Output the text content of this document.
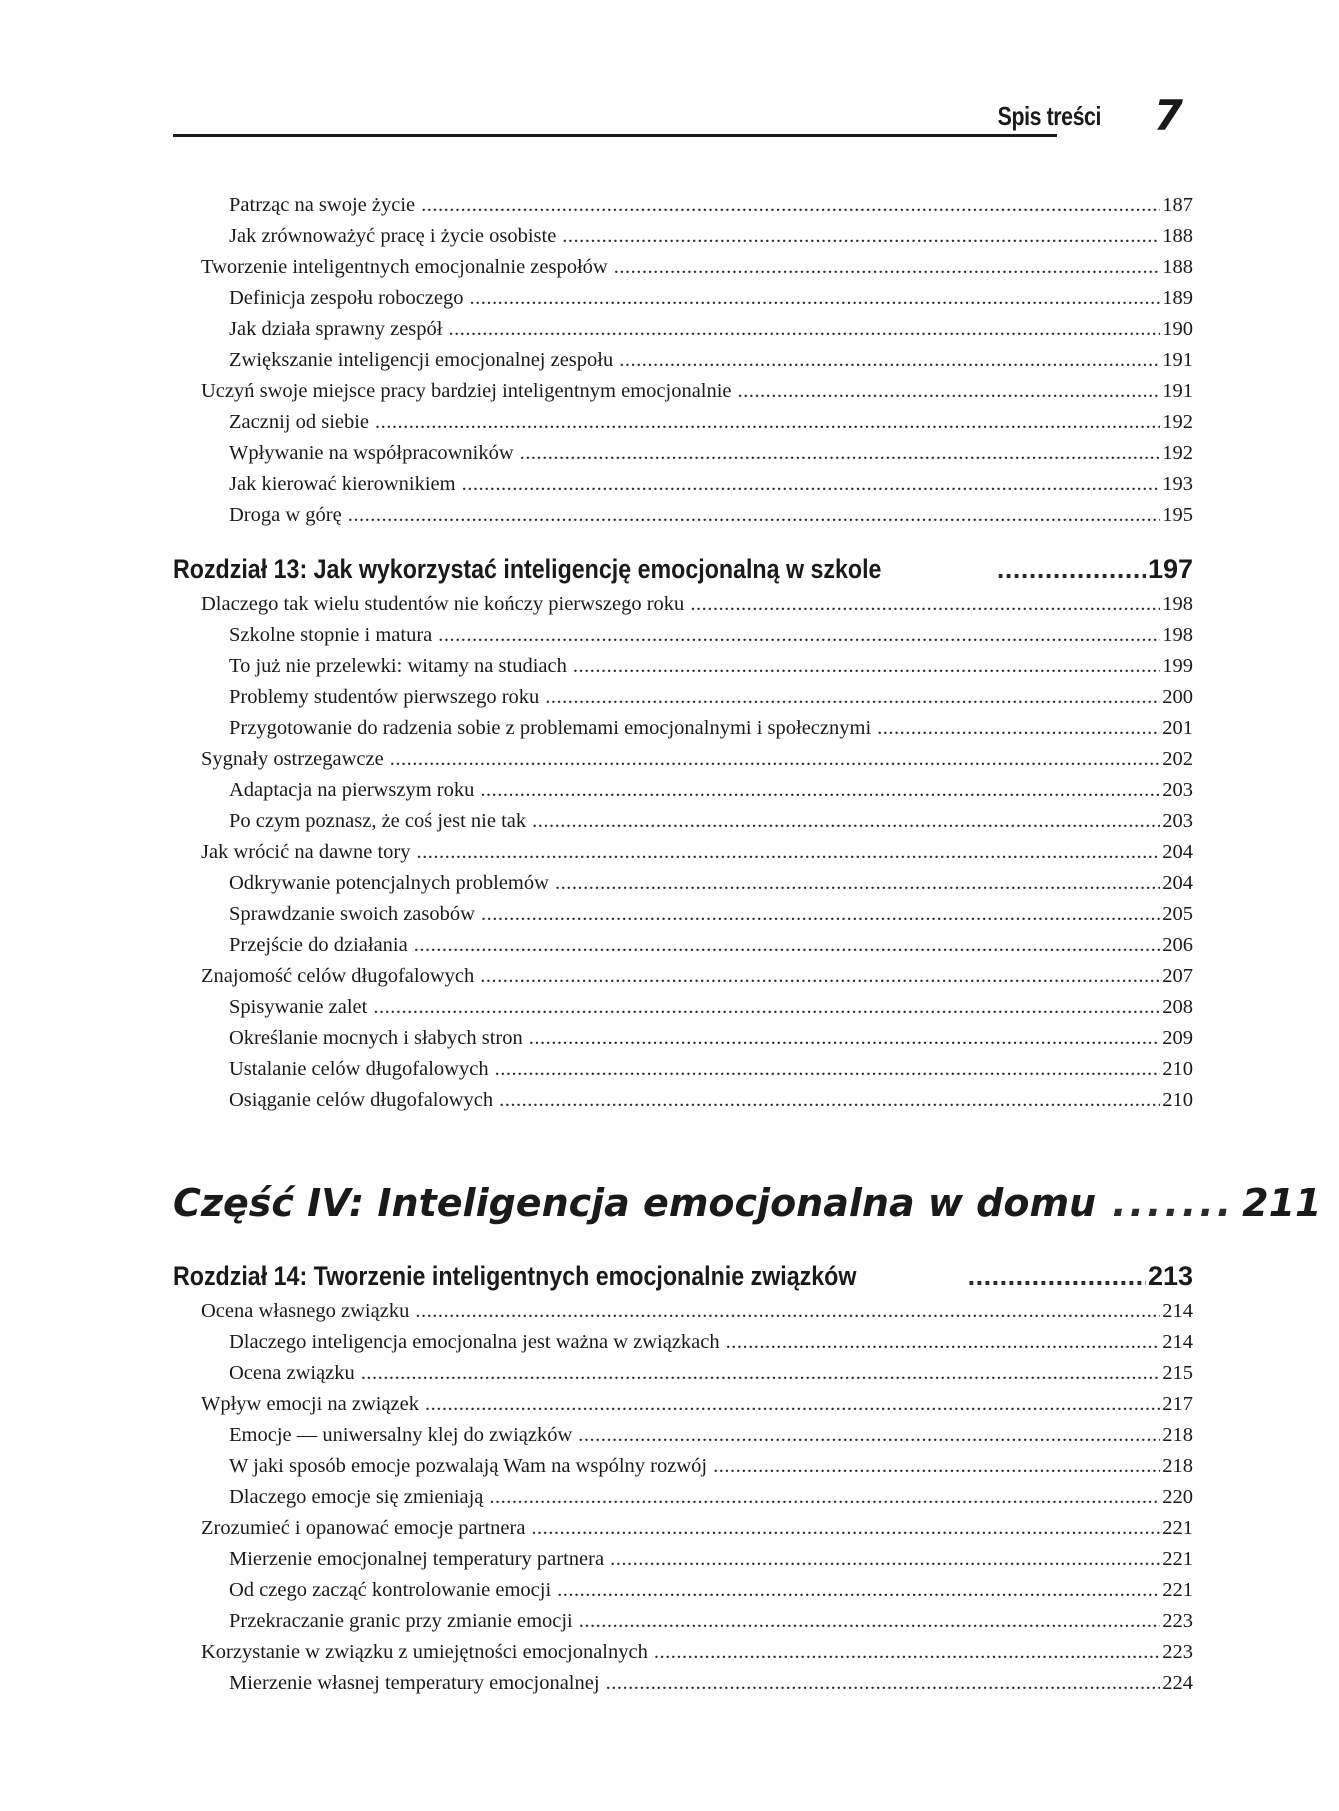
Spis treści 7
Patrząc na swoje życie .....	187
Jak zrównoważyć pracę i życie osobiste .....	188
Tworzenie inteligentnych emocjonalnie zespołów .....	188
Definicja zespołu roboczego .....	189
Jak działa sprawny zespół .....	190
Zwiększanie inteligencji emocjonalnej zespołu .....	191
Uczyń swoje miejsce pracy bardziej inteligentnym emocjonalnie .....	191
Zacznij od siebie .....	192
Wpływanie na współpracowników .....	192
Jak kierować kierownikiem .....	193
Droga w górę .....	195
Rozdział 13: Jak wykorzystać inteligencję emocjonalną w szkole .....	197
Dlaczego tak wielu studentów nie kończy pierwszego roku .....	198
Szkolne stopnie i matura .....	198
To już nie przelewki: witamy na studiach .....	199
Problemy studentów pierwszego roku .....	200
Przygotowanie do radzenia sobie z problemami emocjonalnymi i społecznymi .....	201
Sygnały ostrzegawcze .....	202
Adaptacja na pierwszym roku .....	203
Po czym poznasz, że coś jest nie tak .....	203
Jak wrócić na dawne tory .....	204
Odkrywanie potencjalnych problemów .....	204
Sprawdzanie swoich zasobów .....	205
Przejście do działania .....	206
Znajomość celów długofalowych .....	207
Spisywanie zalet .....	208
Określanie mocnych i słabych stron .....	209
Ustalanie celów długofalowych .....	210
Osiąganie celów długofalowych .....	210
Część IV: Inteligencja emocjonalna w domu .....	211
Rozdział 14: Tworzenie inteligentnych emocjonalnie związków .....	213
Ocena własnego związku .....	214
Dlaczego inteligencja emocjonalna jest ważna w związkach .....	214
Ocena związku .....	215
Wpływ emocji na związek .....	217
Emocje — uniwersalny klej do związków .....	218
W jaki sposób emocje pozwalają Wam na wspólny rozwój .....	218
Dlaczego emocje się zmieniają .....	220
Zrozumieć i opanować emocje partnera .....	221
Mierzenie emocjonalnej temperatury partnera .....	221
Od czego zacząć kontrolowanie emocji .....	221
Przekraczanie granic przy zmianie emocji .....	223
Korzystanie w związku z umiejętności emocjonalnych .....	223
Mierzenie własnej temperatury emocjonalnej .....	224
